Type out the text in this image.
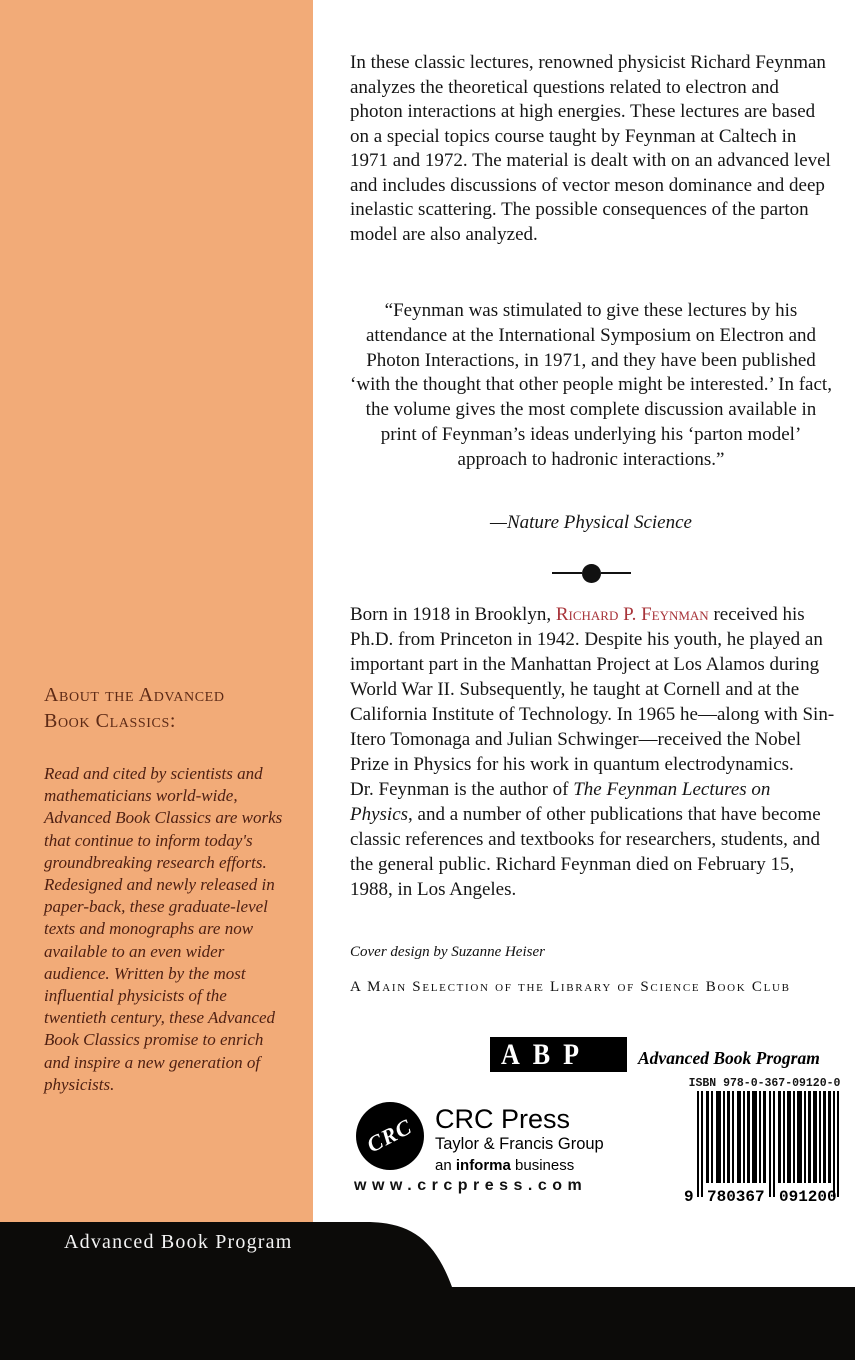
About the Advanced Book Classics:
Read and cited by scientists and mathematicians world-wide, Advanced Book Classics are works that continue to inform today's groundbreaking research efforts. Redesigned and newly released in paper-back, these graduate-level texts and monographs are now available to an even wider audience. Written by the most influential physicists of the twentieth century, these Advanced Book Classics promise to enrich and inspire a new generation of physicists.
In these classic lectures, renowned physicist Richard Feynman analyzes the theoretical questions related to electron and photon interactions at high energies. These lectures are based on a special topics course taught by Feynman at Caltech in 1971 and 1972. The material is dealt with on an advanced level and includes discussions of vector meson dominance and deep inelastic scattering. The possible consequences of the parton model are also analyzed.
“Feynman was stimulated to give these lectures by his attendance at the International Symposium on Electron and Photon Interactions, in 1971, and they have been published ‘with the thought that other people might be interested.’ In fact, the volume gives the most complete discussion available in print of Feynman’s ideas underlying his ‘parton model’ approach to hadronic interactions.”
—Nature Physical Science
Born in 1918 in Brooklyn, Richard P. Feynman received his Ph.D. from Princeton in 1942. Despite his youth, he played an important part in the Manhattan Project at Los Alamos during World War II. Subsequently, he taught at Cornell and at the California Institute of Technology. In 1965 he—along with Sin-Itero Tomonaga and Julian Schwinger—received the Nobel Prize in Physics for his work in quantum electrodynamics.
Dr. Feynman is the author of The Feynman Lectures on Physics, and a number of other publications that have become classic references and textbooks for researchers, students, and the general public. Richard Feynman died on February 15, 1988, in Los Angeles.
Cover design by Suzanne Heiser
A Main Selection of the Library of Science Book Club
ABP	Advanced Book Program
CRC CRC Press
Taylor & Francis Group
an informa business
www.crcpress.com
ISBN 978-0-367-09120-0
9 780367 091200
Advanced Book Program
